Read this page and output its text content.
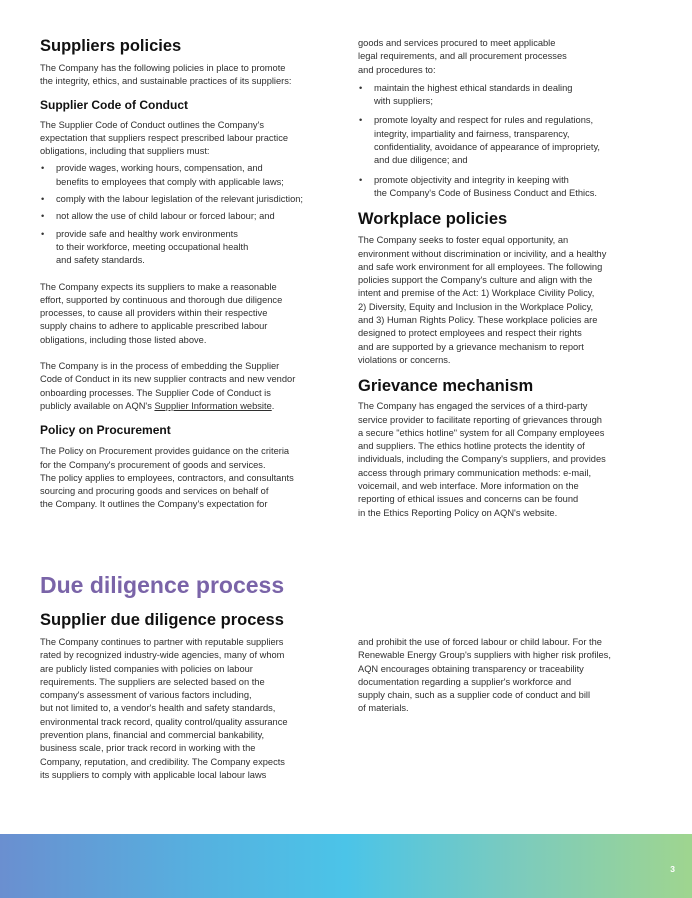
Suppliers policies

The Company has the following policies in place to promote
the integrity, ethics, and sustainable practices of its suppliers:

Supplier Code of Conduct

The Supplier Code of Conduct outlines the Company's
expectation that suppliers respect prescribed labour practice
obligations, including that suppliers must:

• provide wages, working hours, compensation, and
benefits to employees that comply with applicable laws;
• comply with the labour legislation of the relevant jurisdiction;
• not allow the use of child labour or forced labour; and
• provide safe and healthy work environments
to their workforce, meeting occupational health
and safety standards.

The Company expects its suppliers to make a reasonable
effort, supported by continuous and thorough due diligence
processes, to cause all providers within their respective
supply chains to adhere to applicable prescribed labour
obligations, including those listed above.

The Company is in the process of embedding the Supplier
Code of Conduct in its new supplier contracts and new vendor
onboarding processes. The Supplier Code of Conduct is
publicly available on AQN's Supplier Information website.

Policy on Procurement

The Policy on Procurement provides guidance on the criteria
for the Company's procurement of goods and services.
The policy applies to employees, contractors, and consultants
sourcing and procuring goods and services on behalf of
the Company. It outlines the Company's expectation for

goods and services procured to meet applicable
legal requirements, and all procurement processes
and procedures to:

• maintain the highest ethical standards in dealing
with suppliers;
• promote loyalty and respect for rules and regulations,
integrity, impartiality and fairness, transparency,
confidentiality, avoidance of appearance of impropriety,
and due diligence; and
• promote objectivity and integrity in keeping with
the Company's Code of Business Conduct and Ethics.
Workplace policies

The Company seeks to foster equal opportunity, an
environment without discrimination or incivility, and a healthy
and safe work environment for all employees. The following
policies support the Company's culture and align with the
intent and premise of the Act: 1) Workplace Civility Policy,
2) Diversity, Equity and Inclusion in the Workplace Policy,
and 3) Human Rights Policy. These workplace policies are
designed to protect employees and respect their rights
and are supported by a grievance mechanism to report
violations or concerns.

Grievance mechanism

The Company has engaged the services of a third-party
service provider to facilitate reporting of grievances through
a secure "ethics hotline" system for all Company employees
and suppliers. The ethics hotline protects the identity of
individuals, including the Company's suppliers, and provides
access through primary communication methods: e-mail,
voicemail, and web interface. More information on the
reporting of ethical issues and concerns can be found
in the Ethics Reporting Policy on AQN's website.

Due diligence process
Supplier due diligence process

The Company continues to partner with reputable suppliers
rated by recognized industry-wide agencies, many of whom
are publicly listed companies with policies on labour
requirements. The suppliers are selected based on the
company's assessment of various factors including,
but not limited to, a vendor's health and safety standards,
environmental track record, quality control/quality assurance
prevention plans, financial and commercial bankability,
business scale, prior track record in working with the
Company, reputation, and credibility. The Company expects
its suppliers to comply with applicable local labour laws

and prohibit the use of forced labour or child labour. For the
Renewable Energy Group's suppliers with higher risk profiles,
AQN encourages obtaining transparency or traceability
documentation regarding a supplier's workforce and
supply chain, such as a supplier code of conduct and bill
of materials.

3
